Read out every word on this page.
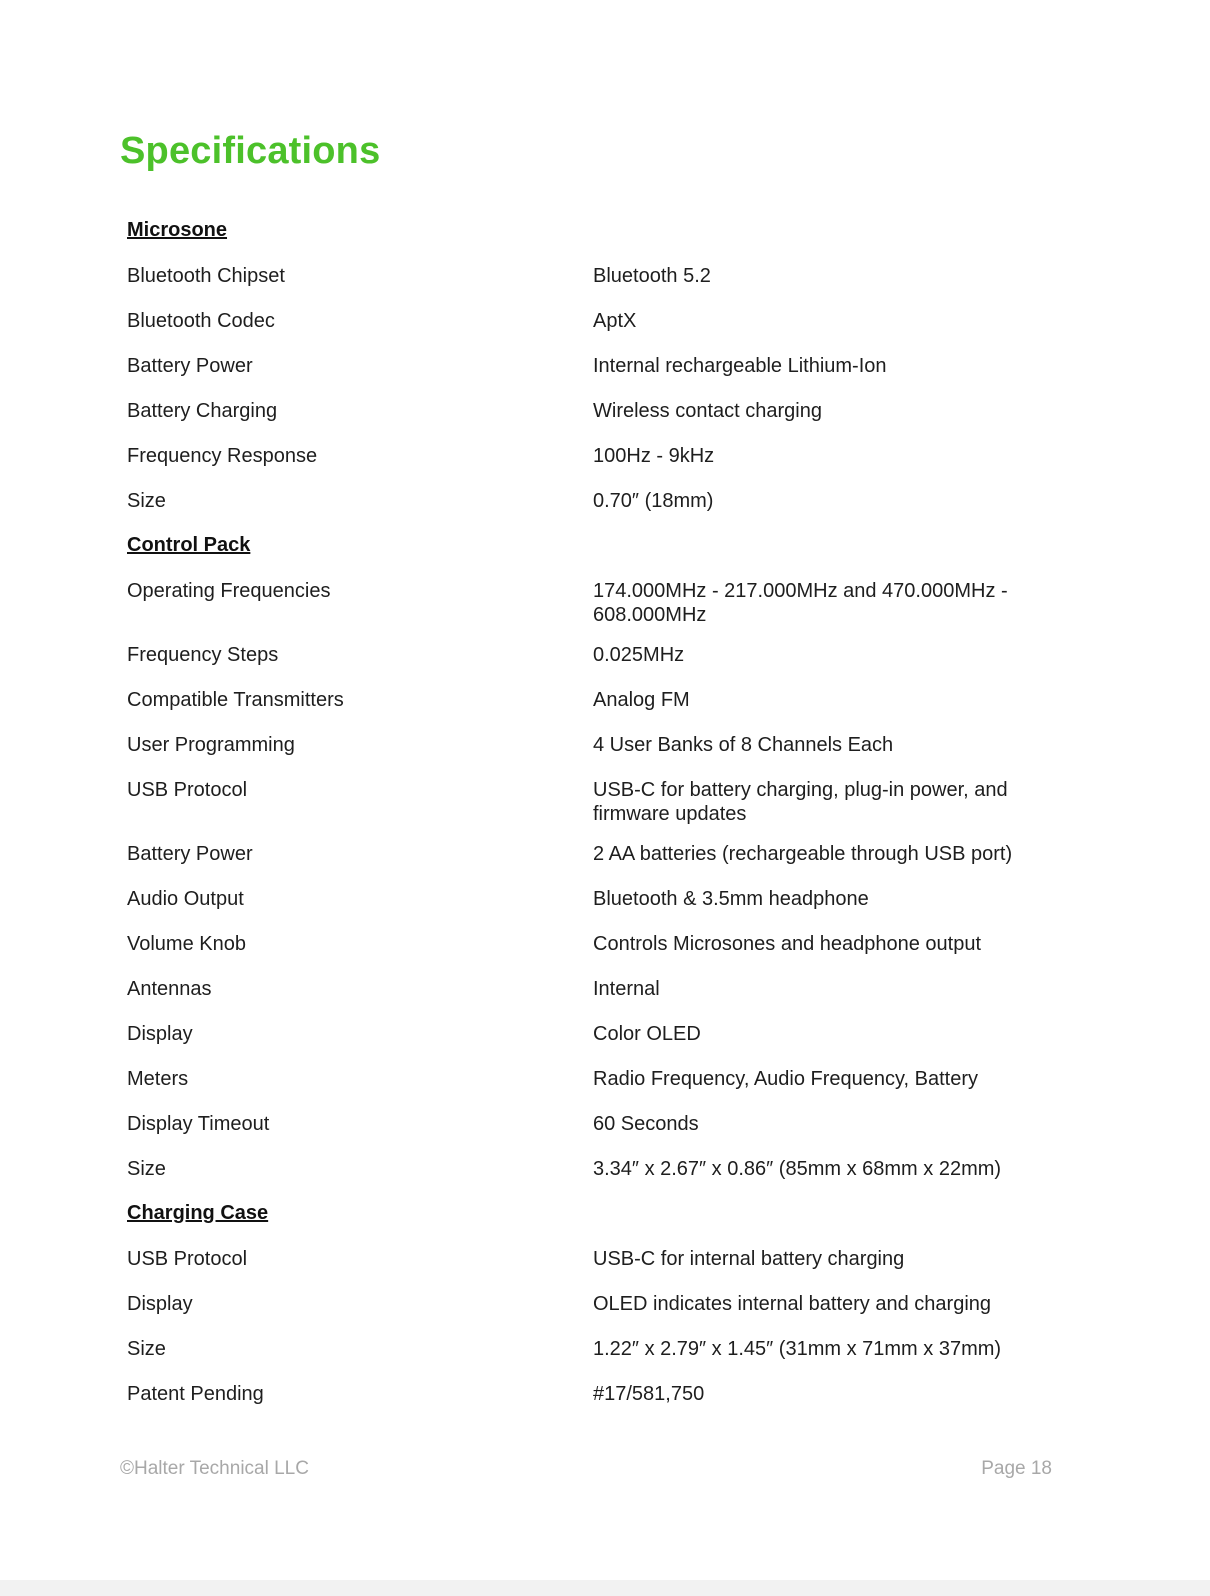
Specifications
Microsone
Bluetooth Chipset	Bluetooth 5.2
Bluetooth Codec	AptX
Battery Power	Internal rechargeable Lithium-Ion
Battery Charging	Wireless contact charging
Frequency Response	100Hz - 9kHz
Size	0.70″ (18mm)
Control Pack
Operating Frequencies	174.000MHz - 217.000MHz and 470.000MHz - 608.000MHz
Frequency Steps	0.025MHz
Compatible Transmitters	Analog FM
User Programming	4 User Banks of 8 Channels Each
USB Protocol	USB-C for battery charging, plug-in power, and firmware updates
Battery Power	2 AA batteries (rechargeable through USB port)
Audio Output	Bluetooth & 3.5mm headphone
Volume Knob	Controls Microsones and headphone output
Antennas	Internal
Display	Color OLED
Meters	Radio Frequency, Audio Frequency, Battery
Display Timeout	60 Seconds
Size	3.34″ x 2.67″ x 0.86″ (85mm x 68mm x 22mm)
Charging Case
USB Protocol	USB-C for internal battery charging
Display	OLED indicates internal battery and charging
Size	1.22″ x 2.79″ x 1.45″ (31mm x 71mm x 37mm)
Patent Pending	#17/581,750
©Halter Technical LLC	Page 18
